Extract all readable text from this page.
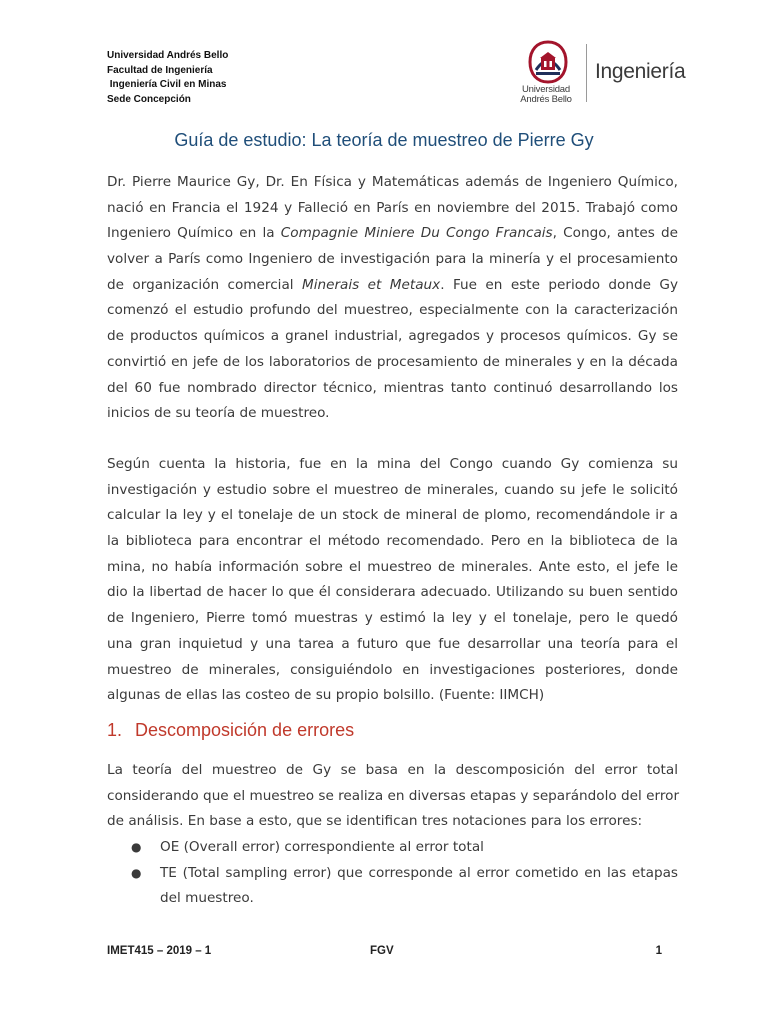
Universidad Andrés Bello
Facultad de Ingeniería
Ingeniería Civil en Minas
Sede Concepción
Universidad
Andrés Bello
Ingeniería
Guía de estudio: La teoría de muestreo de Pierre Gy
Dr. Pierre Maurice Gy, Dr. En Física y Matemáticas además de Ingeniero Químico,
nació en Francia el 1924 y Falleció en París en noviembre del 2015. Trabajó como
Ingeniero Químico en la Compagnie Miniere Du Congo Francais, Congo, antes de
volver a París como Ingeniero de investigación para la minería y el procesamiento
de organización comercial Minerais et Metaux. Fue en este periodo donde Gy
comenzó el estudio profundo del muestreo, especialmente con la caracterización
de productos químicos a granel industrial, agregados y procesos químicos. Gy se
convirtió en jefe de los laboratorios de procesamiento de minerales y en la década
del 60 fue nombrado director técnico, mientras tanto continuó desarrollando los
inicios de su teoría de muestreo.
Según cuenta la historia, fue en la mina del Congo cuando Gy comienza su
investigación y estudio sobre el muestreo de minerales, cuando su jefe le solicitó
calcular la ley y el tonelaje de un stock de mineral de plomo, recomendándole ir a
la biblioteca para encontrar el método recomendado. Pero en la biblioteca de la
mina, no había información sobre el muestreo de minerales. Ante esto, el jefe le
dio la libertad de hacer lo que él considerara adecuado. Utilizando su buen sentido
de Ingeniero, Pierre tomó muestras y estimó la ley y el tonelaje, pero le quedó
una gran inquietud y una tarea a futuro que fue desarrollar una teoría para el
muestreo de minerales, consiguiéndolo en investigaciones posteriores, donde
algunas de ellas las costeo de su propio bolsillo. (Fuente: IIMCH)
1. Descomposición de errores
La teoría del muestreo de Gy se basa en la descomposición del error total
considerando que el muestreo se realiza en diversas etapas y separándolo del error
de análisis. En base a esto, que se identifican tres notaciones para los errores:
● OE (Overall error) correspondiente al error total
● TE (Total sampling error) que corresponde al error cometido en las etapas
del muestreo.
IMET415 – 2019 – 1	FGV	1
